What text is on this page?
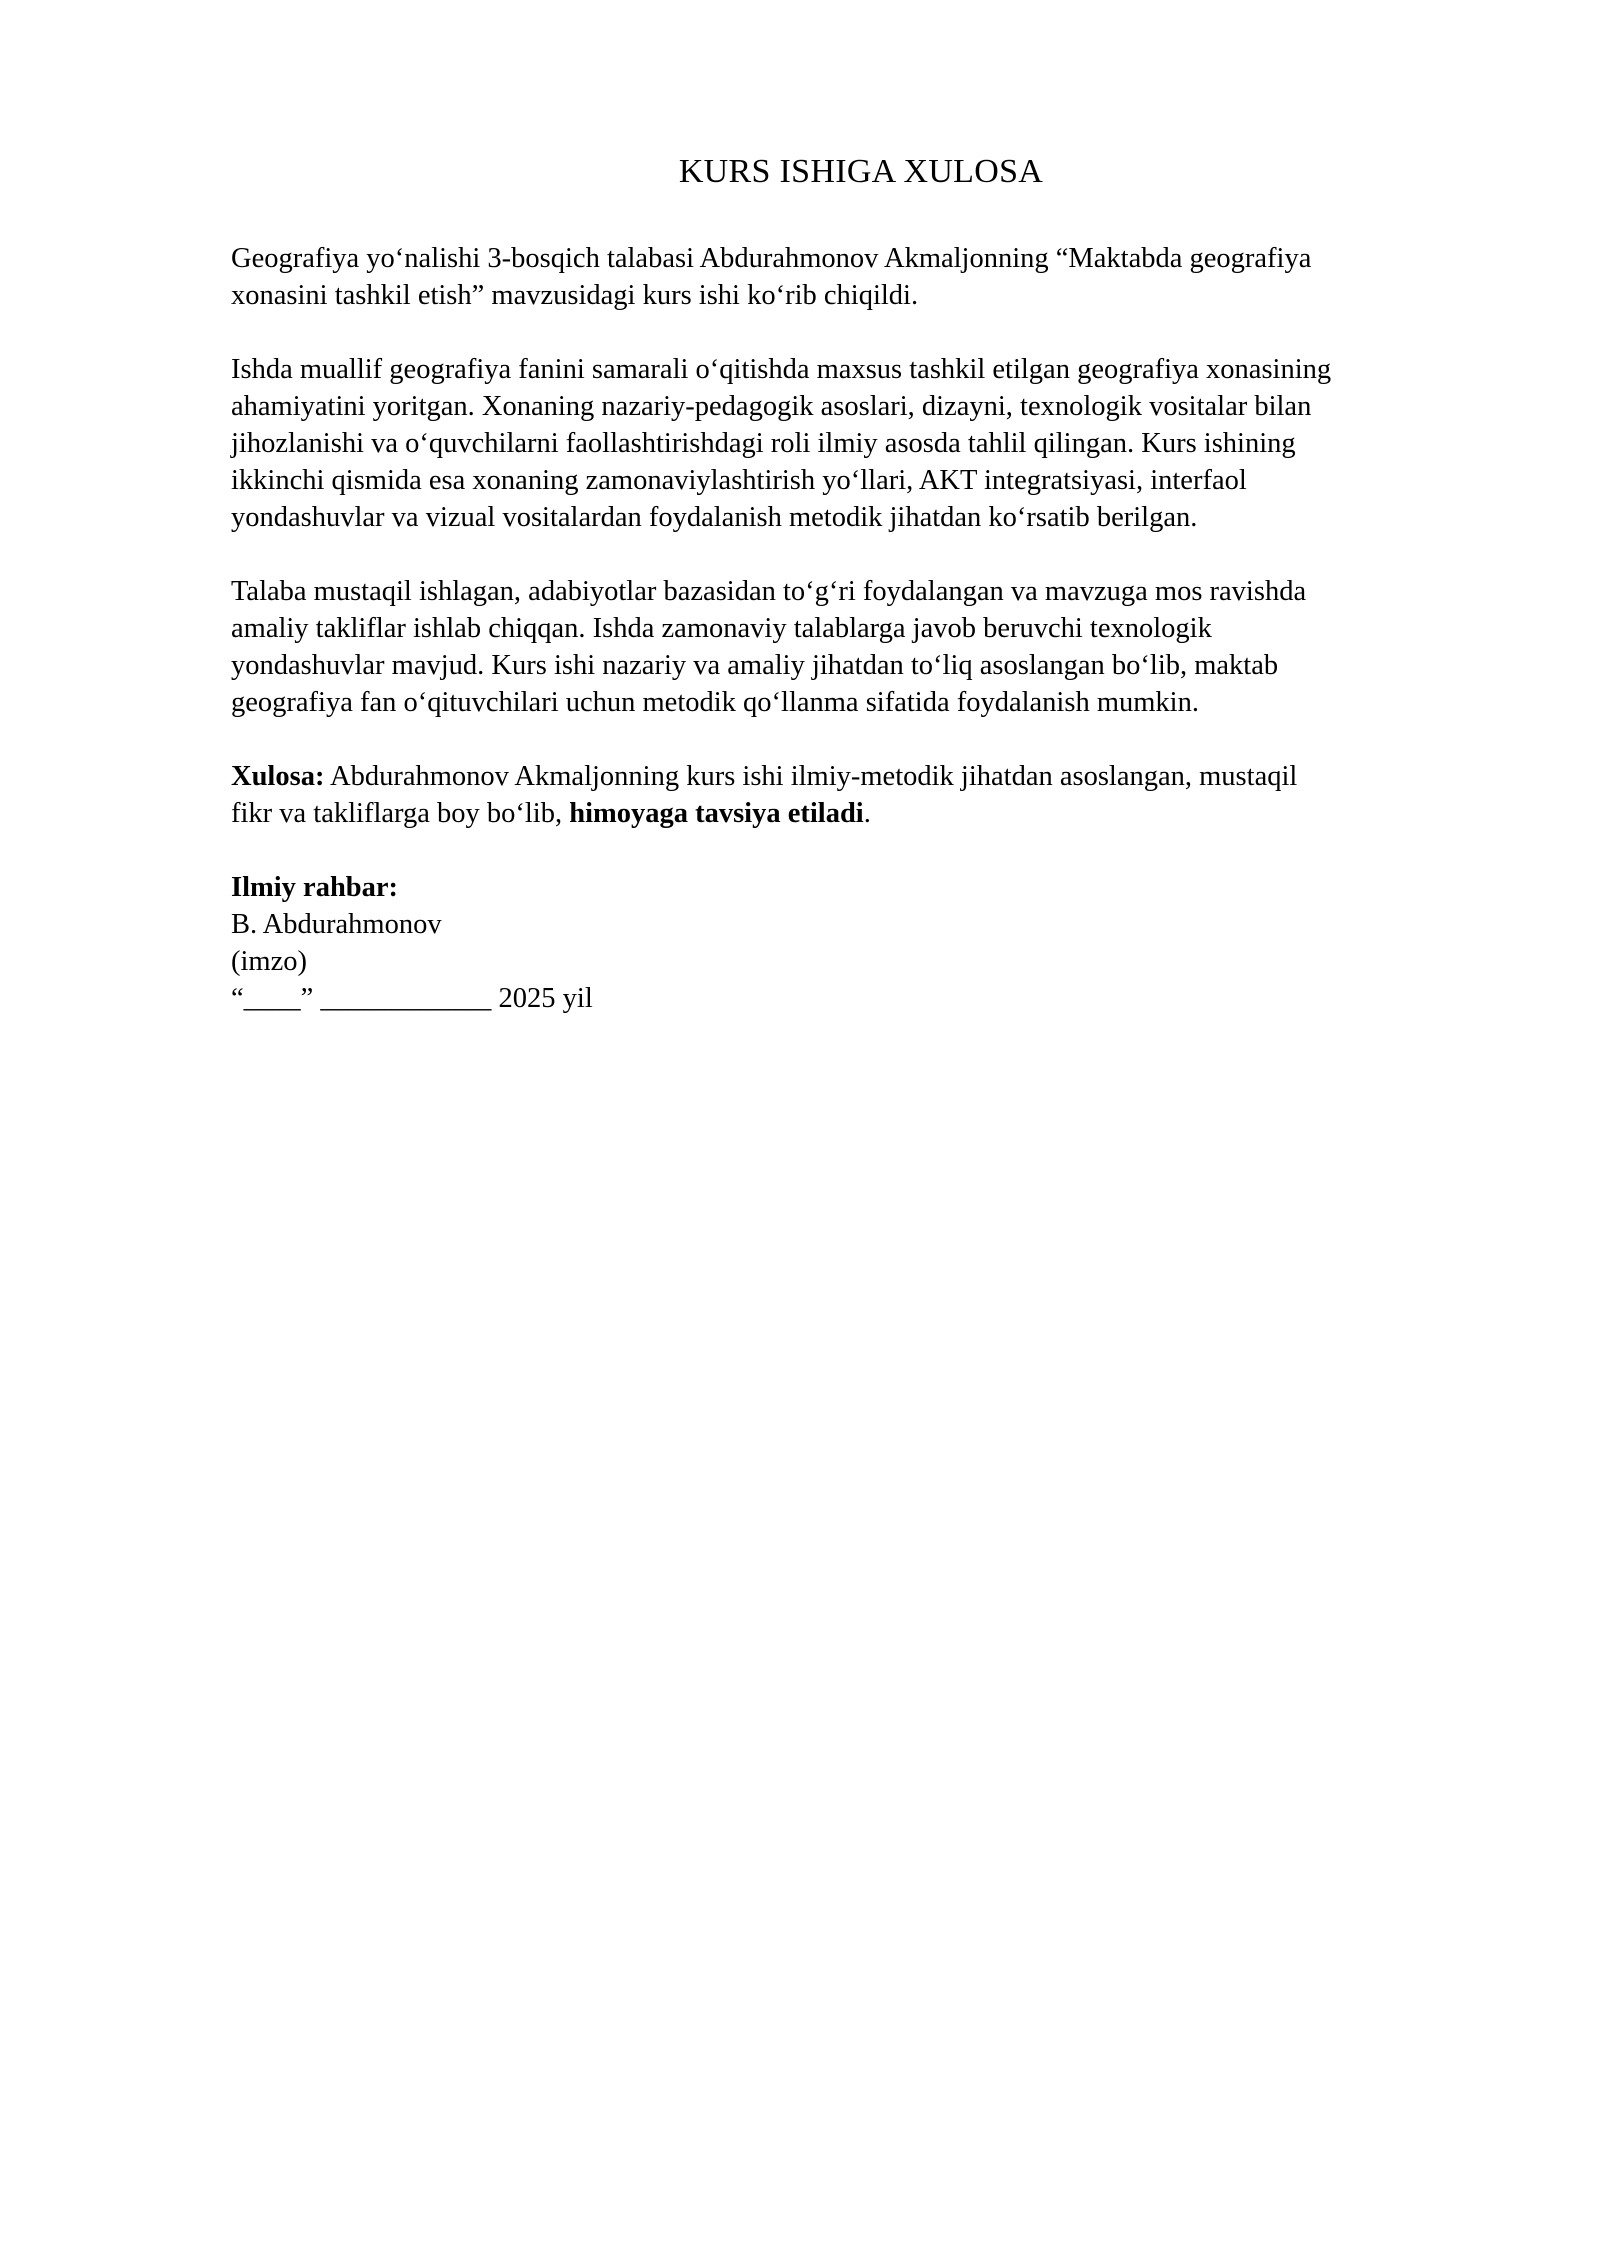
KURS ISHIGA XULOSA

Geografiya yo‘nalishi 3-bosqich talabasi Abdurahmonov Akmaljonning “Maktabda geografiya
xonasini tashkil etish” mavzusidagi kurs ishi ko‘rib chiqildi.

Ishda muallif geografiya fanini samarali o‘qitishda maxsus tashkil etilgan geografiya xonasining
ahamiyatini yoritgan. Xonaning nazariy-pedagogik asoslari, dizayni, texnologik vositalar bilan
jihozlanishi va o‘quvchilarni faollashtirishdagi roli ilmiy asosda tahlil qilingan. Kurs ishining
ikkinchi qismida esa xonaning zamonaviylashtirish yo‘llari, AKT integratsiyasi, interfaol
yondashuvlar va vizual vositalardan foydalanish metodik jihatdan ko‘rsatib berilgan.

Talaba mustaqil ishlagan, adabiyotlar bazasidan to‘g‘ri foydalangan va mavzuga mos ravishda
amaliy takliflar ishlab chiqqan. Ishda zamonaviy talablarga javob beruvchi texnologik
yondashuvlar mavjud. Kurs ishi nazariy va amaliy jihatdan to‘liq asoslangan bo‘lib, maktab
geografiya fan o‘qituvchilari uchun metodik qo‘llanma sifatida foydalanish mumkin.

Xulosa: Abdurahmonov Akmaljonning kurs ishi ilmiy-metodik jihatdan asoslangan, mustaqil
fikr va takliflarga boy bo‘lib, himoyaga tavsiya etiladi.

Ilmiy rahbar:
B. Abdurahmonov
(imzo)
“____” ____________ 2025 yil
